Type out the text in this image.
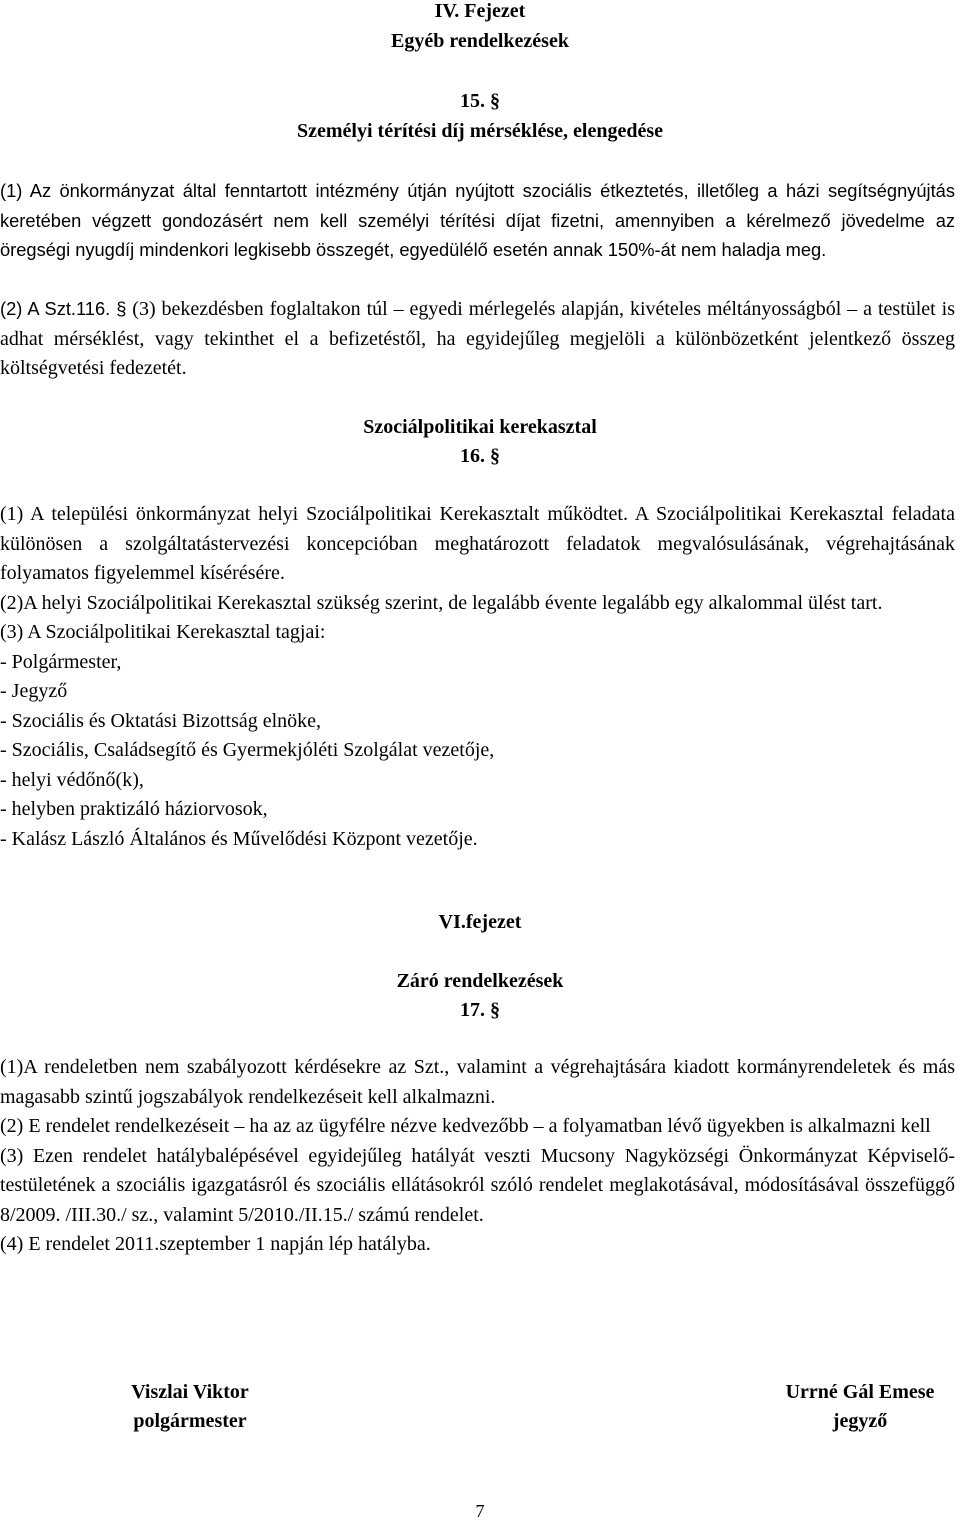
IV. Fejezet
Egyéb rendelkezések
15. §
Személyi térítési díj mérséklése, elengedése

(1) Az önkormányzat által fenntartott intézmény útján nyújtott szociális étkeztetés, illetőleg a házi segítségnyújtás keretében végzett gondozásért nem kell személyi térítési díjat fizetni, amennyiben a kérelmező jövedelme az öregségi nyugdíj mindenkori legkisebb összegét, egyedülélő esetén annak 150%-át nem haladja meg.

(2) A Szt.116. § (3) bekezdésben foglaltakon túl – egyedi mérlegelés alapján, kivételes méltányosságból – a testület is adhat mérséklést, vagy tekinthet el a befizetéstől, ha egyidejűleg megjelöli a különbözetként jelentkező összeg költségvetési fedezetét.

Szociálpolitikai kerekasztal
16. §

(1) A települési önkormányzat helyi Szociálpolitikai Kerekasztalt működtet. A Szociálpolitikai Kerekasztal feladata különösen a szolgáltatástervezési koncepcióban meghatározott feladatok megvalósulásának, végrehajtásának folyamatos figyelemmel kísérésére.

(2)A helyi Szociálpolitikai Kerekasztal szükség szerint, de legalább évente legalább egy alkalommal ülést tart.

(3) A Szociálpolitikai Kerekasztal tagjai:

- Polgármester,

- Jegyző

- Szociális és Oktatási Bizottság elnöke,

- Szociális, Családsegítő és Gyermekjóléti Szolgálat vezetője,

- helyi védőnő(k),

- helyben praktizáló háziorvosok,

- Kalász László Általános és Művelődési Központ vezetője.

VI.fejezet
Záró rendelkezések
17. §

(1)A rendeletben nem szabályozott kérdésekre az Szt., valamint a végrehajtására kiadott kormányrendeletek és más magasabb szintű jogszabályok rendelkezéseit kell alkalmazni.

(2) E rendelet rendelkezéseit – ha az az ügyfélre nézve kedvezőbb – a folyamatban lévő ügyekben is alkalmazni kell

(3) Ezen rendelet hatálybalépésével egyidejűleg hatályát veszti Mucsony Nagyközségi Önkormányzat Képviselő-testületének a szociális igazgatásról és szociális ellátásokról szóló rendelet meglakotásával, módosításával összefüggő 8/2009. /III.30./ sz., valamint 5/2010./II.15./ számú rendelet.

(4) E rendelet 2011.szeptember 1 napján lép hatályba.

Viszlai Viktor
polgármester
Urrné Gál Emese
jegyző
7
